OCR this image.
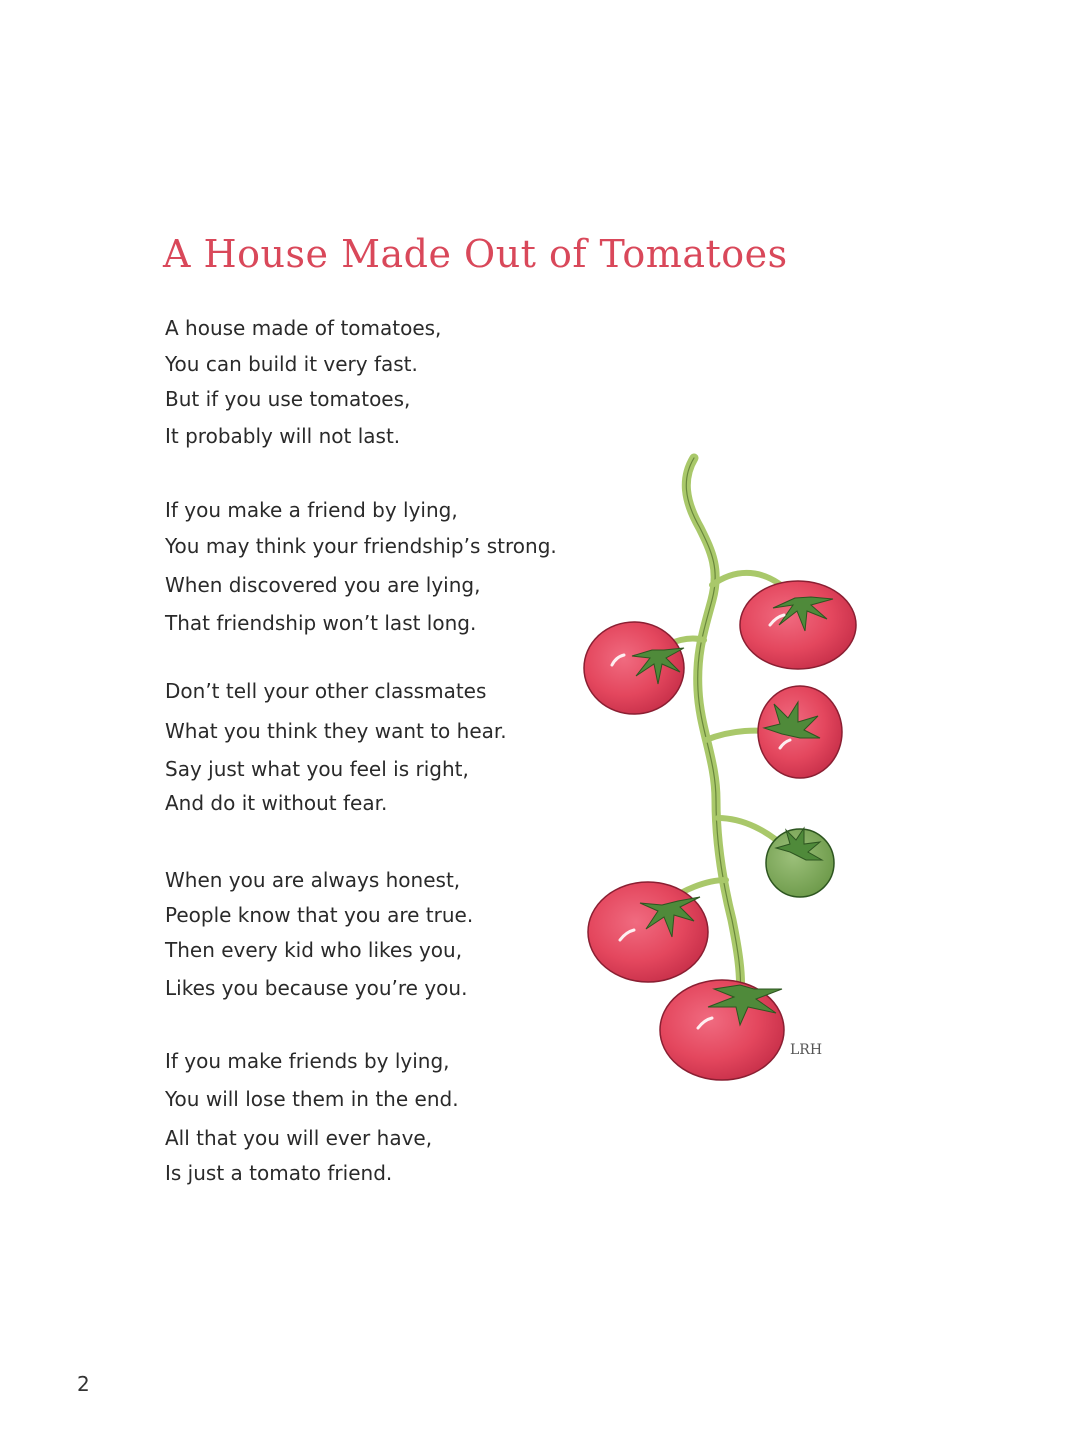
A House Made Out of Tomatoes

A house made of tomatoes,

You can build it very fast.

But if you use tomatoes,

It probably will not last.

If you make a friend by lying,

You may think your friendship’s strong.

When discovered you are lying,

That friendship won’t last long.

Don’t tell your other classmates

What you think they want to hear.

Say just what you feel is right,

And do it without fear.

When you are always honest,

People know that you are true.

Then every kid who likes you,

Likes you because you’re you.

If you make friends by lying,

You will lose them in the end.

All that you will ever have,

Is just a tomato friend.

LRH
2
